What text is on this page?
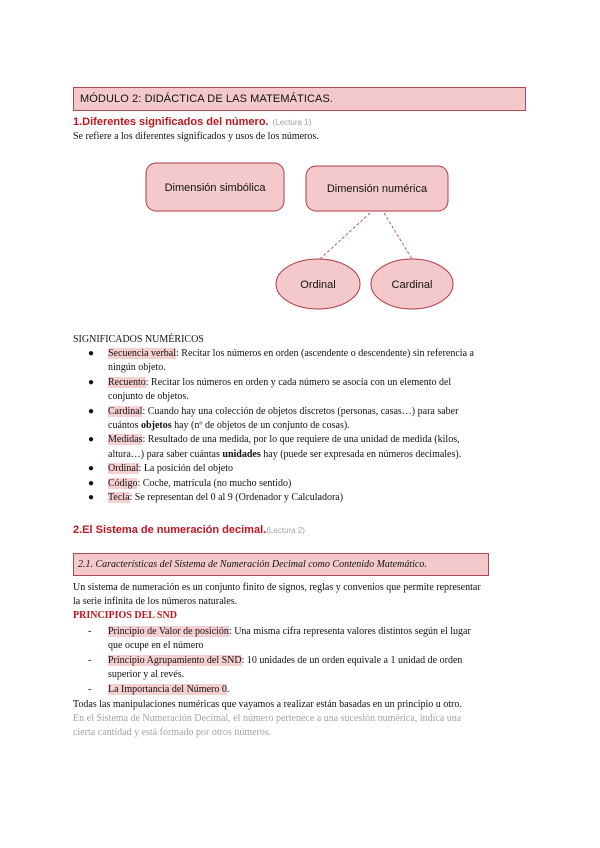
MÓDULO 2: DIDÁCTICA DE LAS MATEMÁTICAS.
1.Diferentes significados del número. (Lectura 1)
Se refiere a los diferentes significados y usos de los números.
Dimensión simbólica	Dimensión numérica
Ordinal	Cardinal
SIGNIFICADOS NUMÉRICOS
● Secuencia verbal: Recitar los números en orden (ascendente o descendente) sin referencia a
ningún objeto.
● Recuento: Recitar los números en orden y cada número se asocia con un elemento del
conjunto de objetos.
● Cardinal: Cuando hay una colección de objetos discretos (personas, casas…) para saber
cuántos objetos hay (nº de objetos de un conjunto de cosas).
● Medidas: Resultado de una medida, por lo que requiere de una unidad de medida (kilos,
altura…) para saber cuántas unidades hay (puede ser expresada en números decimales).
● Ordinal: La posición del objeto
● Código: Coche, matrícula (no mucho sentido)
● Tecla: Se representan del 0 al 9 (Ordenador y Calculadora)
2.El Sistema de numeración decimal.(Lectura 2)
2.1. Características del Sistema de Numeración Decimal como Contenido Matemático.
Un sistema de numeración es un conjunto finito de signos, reglas y convenios que permite representar
la serie infinita de los números naturales.
PRINCIPIOS DEL SND
- Principio de Valor de posición: Una misma cifra representa valores distintos según el lugar
que ocupe en el número
- Principio Agrupamiento del SND: 10 unidades de un orden equivale a 1 unidad de orden
superior y al revés.
- La Importancia del Número 0.
Todas las manipulaciones numéricas que vayamos a realizar están basadas en un principio u otro.
En el Sistema de Numeración Decimal, el número pertenece a una sucesión numérica, indica una
cierta cantidad y está formado por otros números.
